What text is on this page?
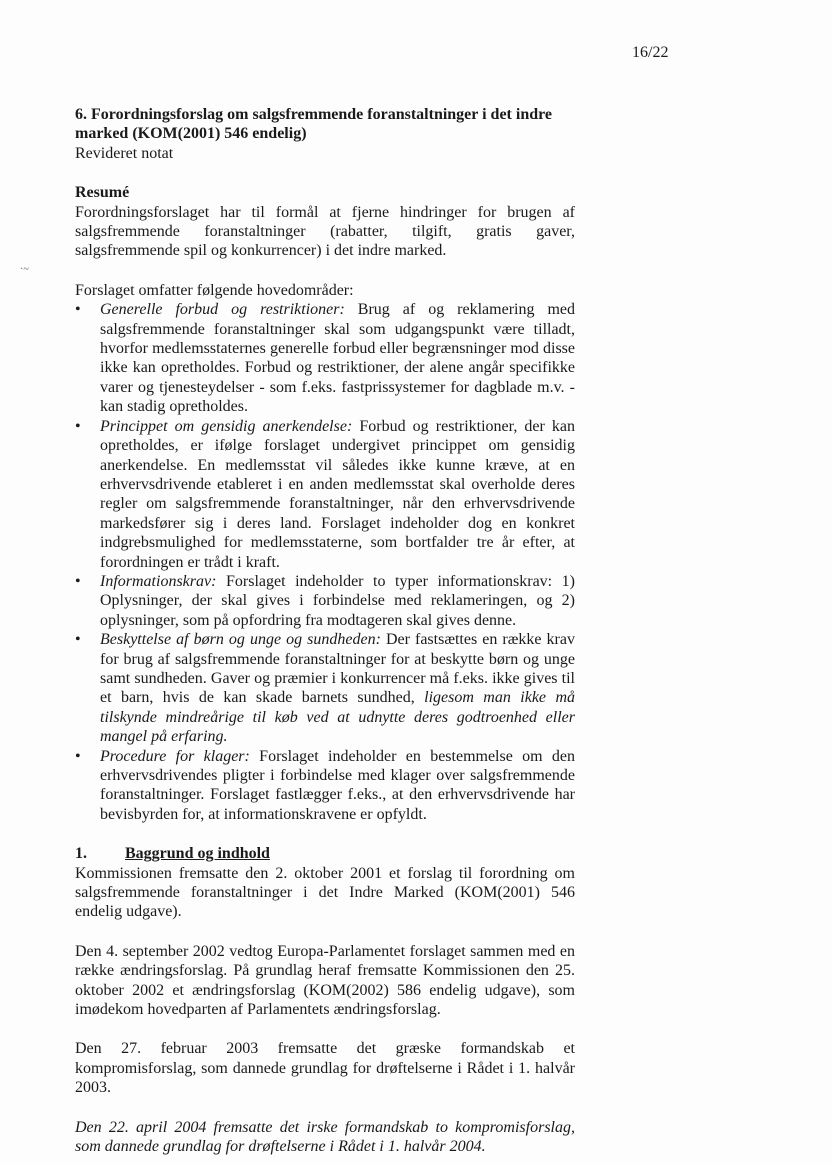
16/22
·~

6. Forordningsforslag om salgsfremmende foranstaltninger i det indre marked (KOM(2001) 546 endelig)

Revideret notat

Resumé

Forordningsforslaget har til formål at fjerne hindringer for brugen af salgsfremmende foranstaltninger (rabatter, tilgift, gratis gaver, salgsfremmende spil og konkurrencer) i det indre marked.

Forslaget omfatter følgende hovedområder:

• Generelle forbud og restriktioner: Brug af og reklamering med salgsfremmende foranstaltninger skal som udgangspunkt være tilladt, hvorfor medlemsstaternes generelle forbud eller begrænsninger mod disse ikke kan opretholdes. Forbud og restriktioner, der alene angår specifikke varer og tjenesteydelser - som f.eks. fastprissystemer for dagblade m.v. - kan stadig opretholdes.
• Princippet om gensidig anerkendelse: Forbud og restriktioner, der kan opretholdes, er ifølge forslaget undergivet princippet om gensidig anerkendelse. En medlemsstat vil således ikke kunne kræve, at en erhvervsdrivende etableret i en anden medlemsstat skal overholde deres regler om salgsfremmende foranstaltninger, når den erhvervsdrivende markedsfører sig i deres land. Forslaget indeholder dog en konkret indgrebsmulighed for medlemsstaterne, som bortfalder tre år efter, at forordningen er trådt i kraft.
• Informationskrav: Forslaget indeholder to typer informationskrav: 1) Oplysninger, der skal gives i forbindelse med reklameringen, og 2) oplysninger, som på opfordring fra modtageren skal gives denne.
• Beskyttelse af børn og unge og sundheden: Der fastsættes en række krav for brug af salgsfremmende foranstaltninger for at beskytte børn og unge samt sundheden. Gaver og præmier i konkurrencer må f.eks. ikke gives til et barn, hvis de kan skade barnets sundhed, ligesom man ikke må tilskynde mindreårige til køb ved at udnytte deres godtroenhed eller mangel på erfaring.
• Procedure for klager: Forslaget indeholder en bestemmelse om den erhvervsdrivendes pligter i forbindelse med klager over salgsfremmende foranstaltninger. Forslaget fastlægger f.eks., at den erhvervsdrivende har bevisbyrden for, at informationskravene er opfyldt.
1.	Baggrund og indhold

Kommissionen fremsatte den 2. oktober 2001 et forslag til forordning om salgsfremmende foranstaltninger i det Indre Marked (KOM(2001) 546 endelig udgave).

Den 4. september 2002 vedtog Europa-Parlamentet forslaget sammen med en række ændringsforslag. På grundlag heraf fremsatte Kommissionen den 25. oktober 2002 et ændringsforslag (KOM(2002) 586 endelig udgave), som imødekom hovedparten af Parlamentets ændringsforslag.

Den 27. februar 2003 fremsatte det græske formandskab et kompromisforslag, som dannede grundlag for drøftelserne i Rådet i 1. halvår 2003.

Den 22. april 2004 fremsatte det irske formandskab to kompromisforslag, som dannede grundlag for drøftelserne i Rådet i 1. halvår 2004.
